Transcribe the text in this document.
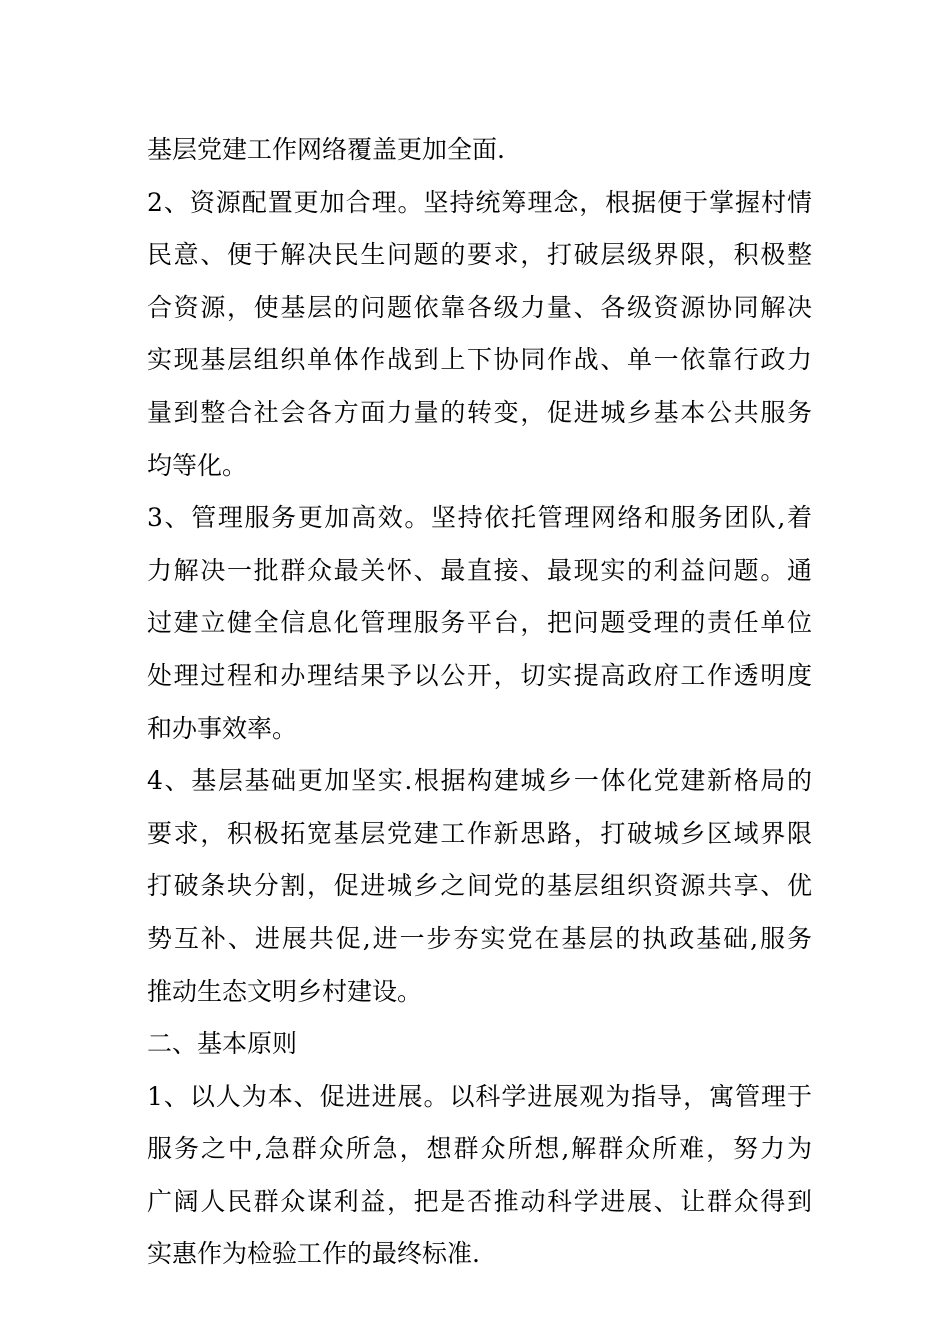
基层党建工作网络覆盖更加全面.
2、资源配置更加合理。坚持统筹理念，根据便于掌握村情
民意、便于解决民生问题的要求，打破层级界限，积极整
合资源，使基层的问题依靠各级力量、各级资源协同解决
实现基层组织单体作战到上下协同作战、单一依靠行政力
量到整合社会各方面力量的转变，促进城乡基本公共服务
均等化。
3、管理服务更加高效。坚持依托管理网络和服务团队,着
力解决一批群众最关怀、最直接、最现实的利益问题。通
过建立健全信息化管理服务平台，把问题受理的责任单位
处理过程和办理结果予以公开，切实提高政府工作透明度
和办事效率。
4、基层基础更加坚实.根据构建城乡一体化党建新格局的
要求，积极拓宽基层党建工作新思路，打破城乡区域界限
打破条块分割，促进城乡之间党的基层组织资源共享、优
势互补、进展共促,进一步夯实党在基层的执政基础,服务
推动生态文明乡村建设。
二、基本原则
1、以人为本、促进进展。以科学进展观为指导，寓管理于
服务之中,急群众所急，想群众所想,解群众所难，努力为
广阔人民群众谋利益，把是否推动科学进展、让群众得到
实惠作为检验工作的最终标准.
